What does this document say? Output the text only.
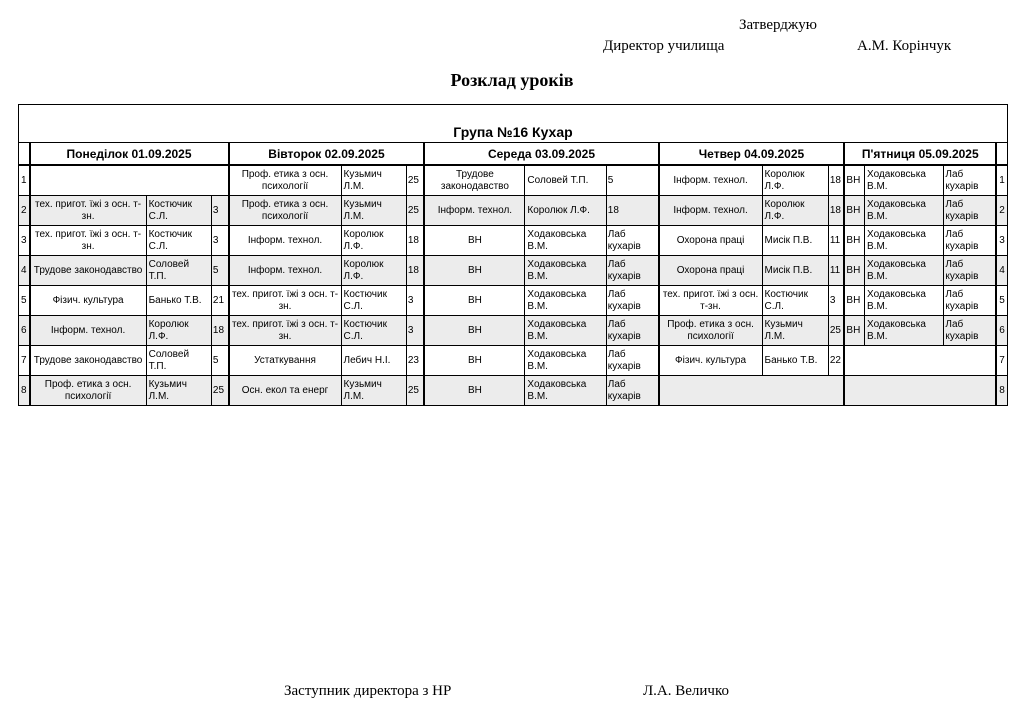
Затверджую
Директор училища	А.М. Корінчук
Розклад уроків

Група №16 Кухар																
	Понеділок 01.09.2025			Вівторок 02.09.2025			Середа 03.09.2025			Четвер 04.09.2025			П'ятниця 05.09.2025			
1				Проф. етика з осн. психології	Кузьмич Л.М.	25	Трудове законодавство	Соловей Т.П.	5	Інформ. технол.	Королюк Л.Ф.	18	ВН	Ходаковська В.М.	Лаб кухарів	1
2	тех. пригот. їжі з осн. т-зн.	Костючик С.Л.	3	Проф. етика з осн. психології	Кузьмич Л.М.	25	Інформ. технол.	Королюк Л.Ф.	18	Інформ. технол.	Королюк Л.Ф.	18	ВН	Ходаковська В.М.	Лаб кухарів	2
3	тех. пригот. їжі з осн. т-зн.	Костючик С.Л.	3	Інформ. технол.	Королюк Л.Ф.	18	ВН	Ходаковська В.М.	Лаб кухарів	Охорона праці	Мисік П.В.	11	ВН	Ходаковська В.М.	Лаб кухарів	3
4	Трудове законодавство	Соловей Т.П.	5	Інформ. технол.	Королюк Л.Ф.	18	ВН	Ходаковська В.М.	Лаб кухарів	Охорона праці	Мисік П.В.	11	ВН	Ходаковська В.М.	Лаб кухарів	4
5	Фізич. культура	Банько Т.В.	21	тех. пригот. їжі з осн. т-зн.	Костючик С.Л.	3	ВН	Ходаковська В.М.	Лаб кухарів	тех. пригот. їжі з осн. т-зн.	Костючик С.Л.	3	ВН	Ходаковська В.М.	Лаб кухарів	5
6	Інформ. технол.	Королюк Л.Ф.	18	тех. пригот. їжі з осн. т-зн.	Костючик С.Л.	3	ВН	Ходаковська В.М.	Лаб кухарів	Проф. етика з осн. психології	Кузьмич Л.М.	25	ВН	Ходаковська В.М.	Лаб кухарів	6
7	Трудове законодавство	Соловей Т.П.	5	Устаткування	Лебич Н.І.	23	ВН	Ходаковська В.М.	Лаб кухарів	Фізич. культура	Банько Т.В.	22				7
8	Проф. етика з осн. психології	Кузьмич Л.М.	25	Осн. екол та енерг	Кузьмич Л.М.	25	ВН	Ходаковська В.М.	Лаб кухарів							8
Заступник директора з НР	Л.А. Величко
